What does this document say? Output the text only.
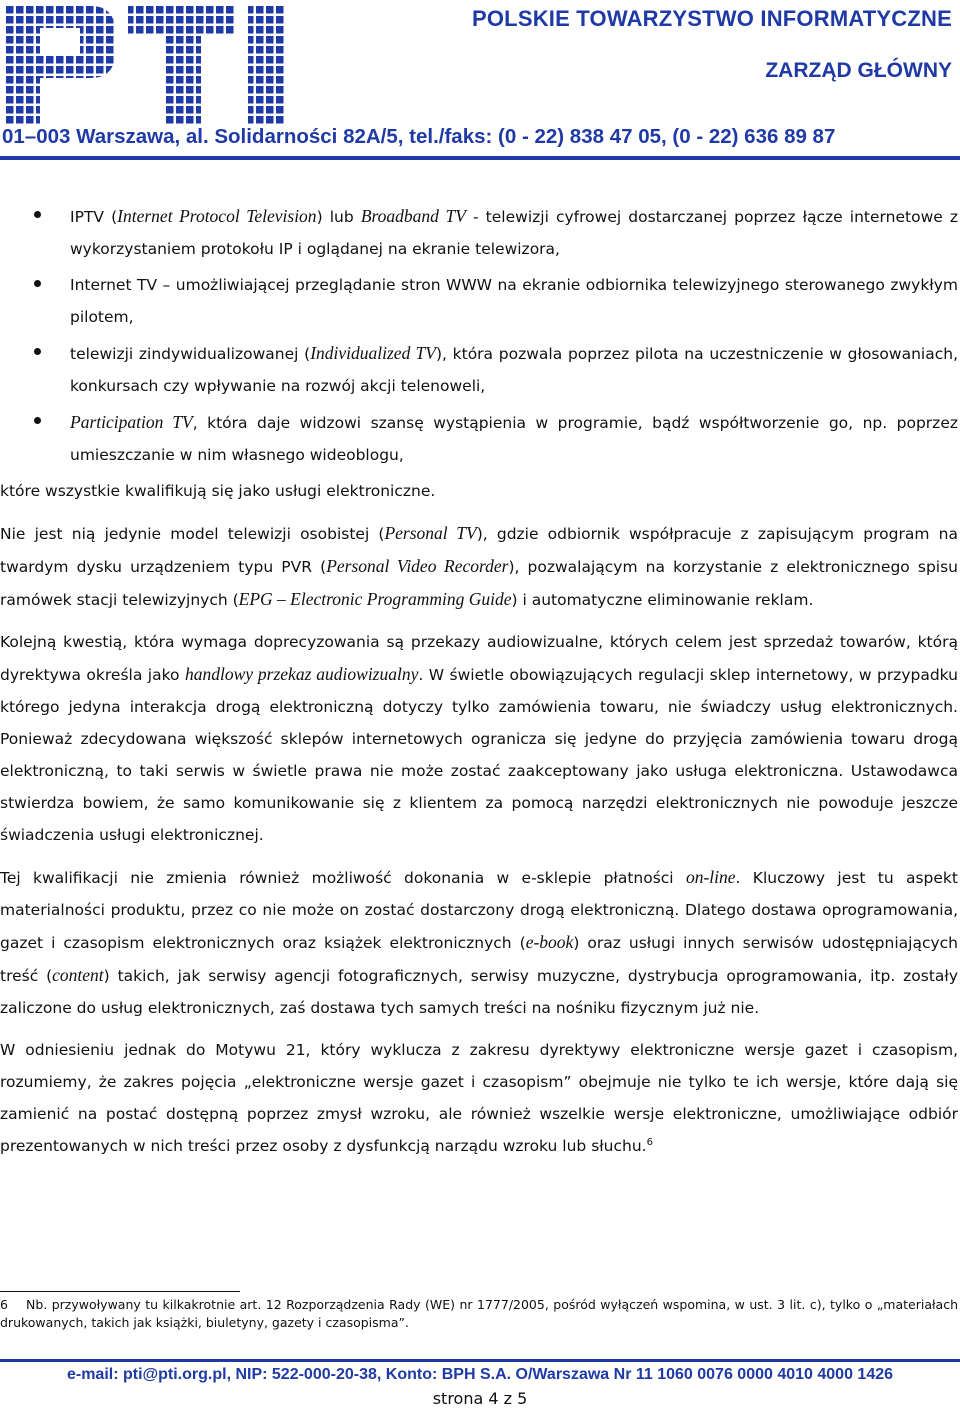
POLSKIE TOWARZYSTWO INFORMATYCZNE
ZARZĄD GŁÓWNY
01–003 Warszawa, al. Solidarności 82A/5, tel./faks: (0 - 22) 838 47 05, (0 - 22) 636 89 87
IPTV (Internet Protocol Television) lub Broadband TV - telewizji cyfrowej dostarczanej poprzez łącze internetowe z wykorzystaniem protokołu IP i oglądanej na ekranie telewizora,
Internet TV – umożliwiającej przeglądanie stron WWW na ekranie odbiornika telewizyjnego sterowanego zwykłym pilotem,
telewizji zindywidualizowanej (Individualized TV), która pozwala poprzez pilota na uczestniczenie w głosowaniach, konkursach czy wpływanie na rozwój akcji telenoweli,
Participation TV, która daje widzowi szansę wystąpienia w programie, bądź współtworzenie go, np. poprzez umieszczanie w nim własnego wideoblogu,

które wszystkie kwalifikują się jako usługi elektroniczne.

Nie jest nią jedynie model telewizji osobistej (Personal TV), gdzie odbiornik współpracuje z zapisującym program na twardym dysku urządzeniem typu PVR (Personal Video Recorder), pozwalającym na korzystanie z elektronicznego spisu ramówek stacji telewizyjnych (EPG – Electronic Programming Guide) i automatyczne eliminowanie reklam.

Kolejną kwestią, która wymaga doprecyzowania są przekazy audiowizualne, których celem jest sprzedaż towarów, którą dyrektywa określa jako handlowy przekaz audiowizualny. W świetle obowiązujących regulacji sklep internetowy, w przypadku którego jedyna interakcja drogą elektroniczną dotyczy tylko zamówienia towaru, nie świadczy usług elektronicznych. Ponieważ zdecydowana większość sklepów internetowych ogranicza się jedyne do przyjęcia zamówienia towaru drogą elektroniczną, to taki serwis w świetle prawa nie może zostać zaakceptowany jako usługa elektroniczna. Ustawodawca stwierdza bowiem, że samo komunikowanie się z klientem za pomocą narzędzi elektronicznych nie powoduje jeszcze świadczenia usługi elektronicznej.

Tej kwalifikacji nie zmienia również możliwość dokonania w e-sklepie płatności on-line. Kluczowy jest tu aspekt materialności produktu, przez co nie może on zostać dostarczony drogą elektroniczną. Dlatego dostawa oprogramowania, gazet i czasopism elektronicznych oraz książek elektronicznych (e-book) oraz usługi innych serwisów udostępniających treść (content) takich, jak serwisy agencji fotograficznych, serwisy muzyczne, dystrybucja oprogramowania, itp. zostały zaliczone do usług elektronicznych, zaś dostawa tych samych treści na nośniku fizycznym już nie.

W odniesieniu jednak do Motywu 21, który wyklucza z zakresu dyrektywy elektroniczne wersje gazet i czasopism, rozumiemy, że zakres pojęcia „elektroniczne wersje gazet i czasopism” obejmuje nie tylko te ich wersje, które dają się zamienić na postać dostępną poprzez zmysł wzroku, ale również wszelkie wersje elektroniczne, umożliwiające odbiór prezentowanych w nich treści przez osoby z dysfunkcją narządu wzroku lub słuchu.$^6$

6 Nb. przywoływany tu kilkakrotnie art. 12 Rozporządzenia Rady (WE) nr 1777/2005, pośród wyłączeń wspomina, w ust. 3 lit. c), tylko o „materiałach drukowanych, takich jak książki, biuletyny, gazety i czasopisma”.
e-mail: pti@pti.org.pl, NIP: 522-000-20-38, Konto: BPH S.A. O/Warszawa Nr 11 1060 0076 0000 4010 4000 1426
strona 4 z 5
